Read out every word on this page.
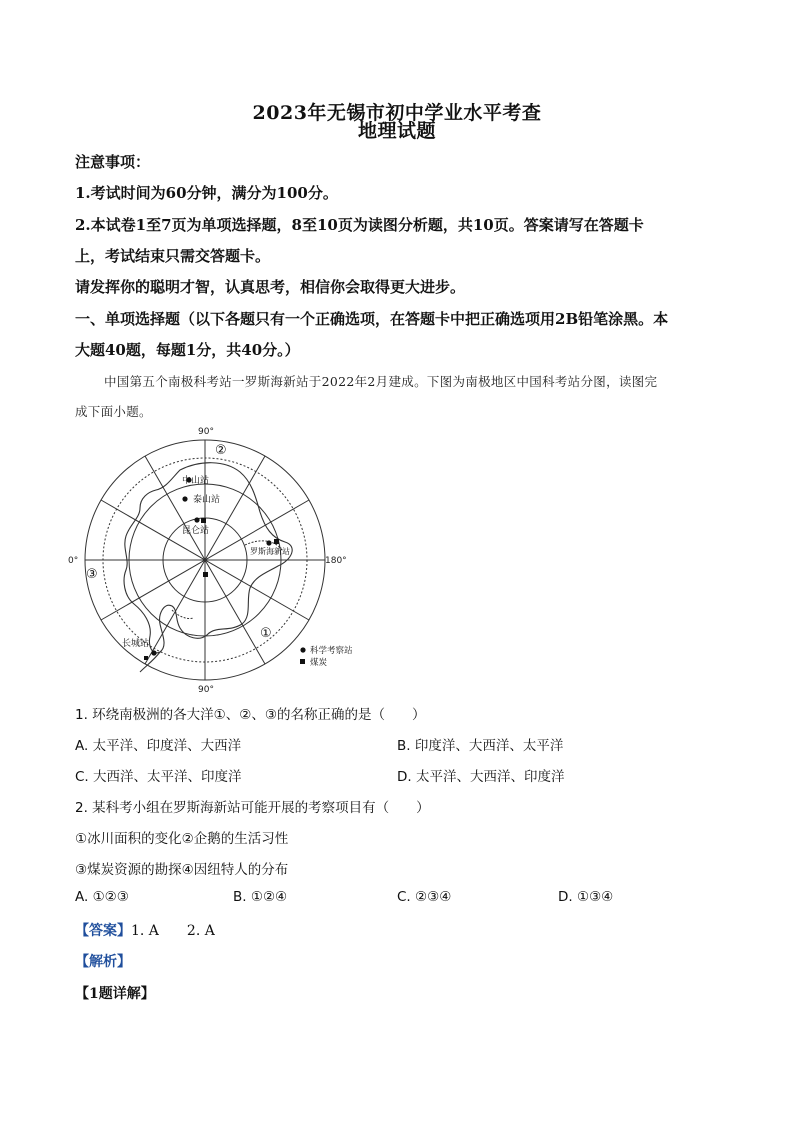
2023年无锡市初中学业水平考查
地理试题
注意事项：
1.考试时间为60分钟，满分为100分。
2.本试卷1至7页为单项选择题，8至10页为读图分析题，共10页。答案请写在答题卡
上，考试结束只需交答题卡。
请发挥你的聪明才智，认真思考，相信你会取得更大进步。
一、单项选择题（以下各题只有一个正确选项，在答题卡中把正确选项用2B铅笔涂黑。本
大题40题，每题1分，共40分。）
中国第五个南极科考站一罗斯海新站于2022年2月建成。下图为南极地区中国科考站分图，读图完
成下面小题。
中山站
泰山站
昆仑站
罗斯海新站
长城站
90°
90°
0°	180°
②
③
①
科学考察站
煤炭
1. 环绕南极洲的各大洋①、②、③的名称正确的是（　　）
A. 太平洋、印度洋、大西洋	B. 印度洋、大西洋、太平洋
C. 大西洋、太平洋、印度洋	D. 太平洋、大西洋、印度洋
2. 某科考小组在罗斯海新站可能开展的考察项目有（　　）
①冰川面积的变化②企鹅的生活习性
③煤炭资源的勘探④因纽特人的分布
A. ①②③	B. ①②④	C. ②③④	D. ①③④
【答案】1. A　　2. A
【解析】
【1题详解】
